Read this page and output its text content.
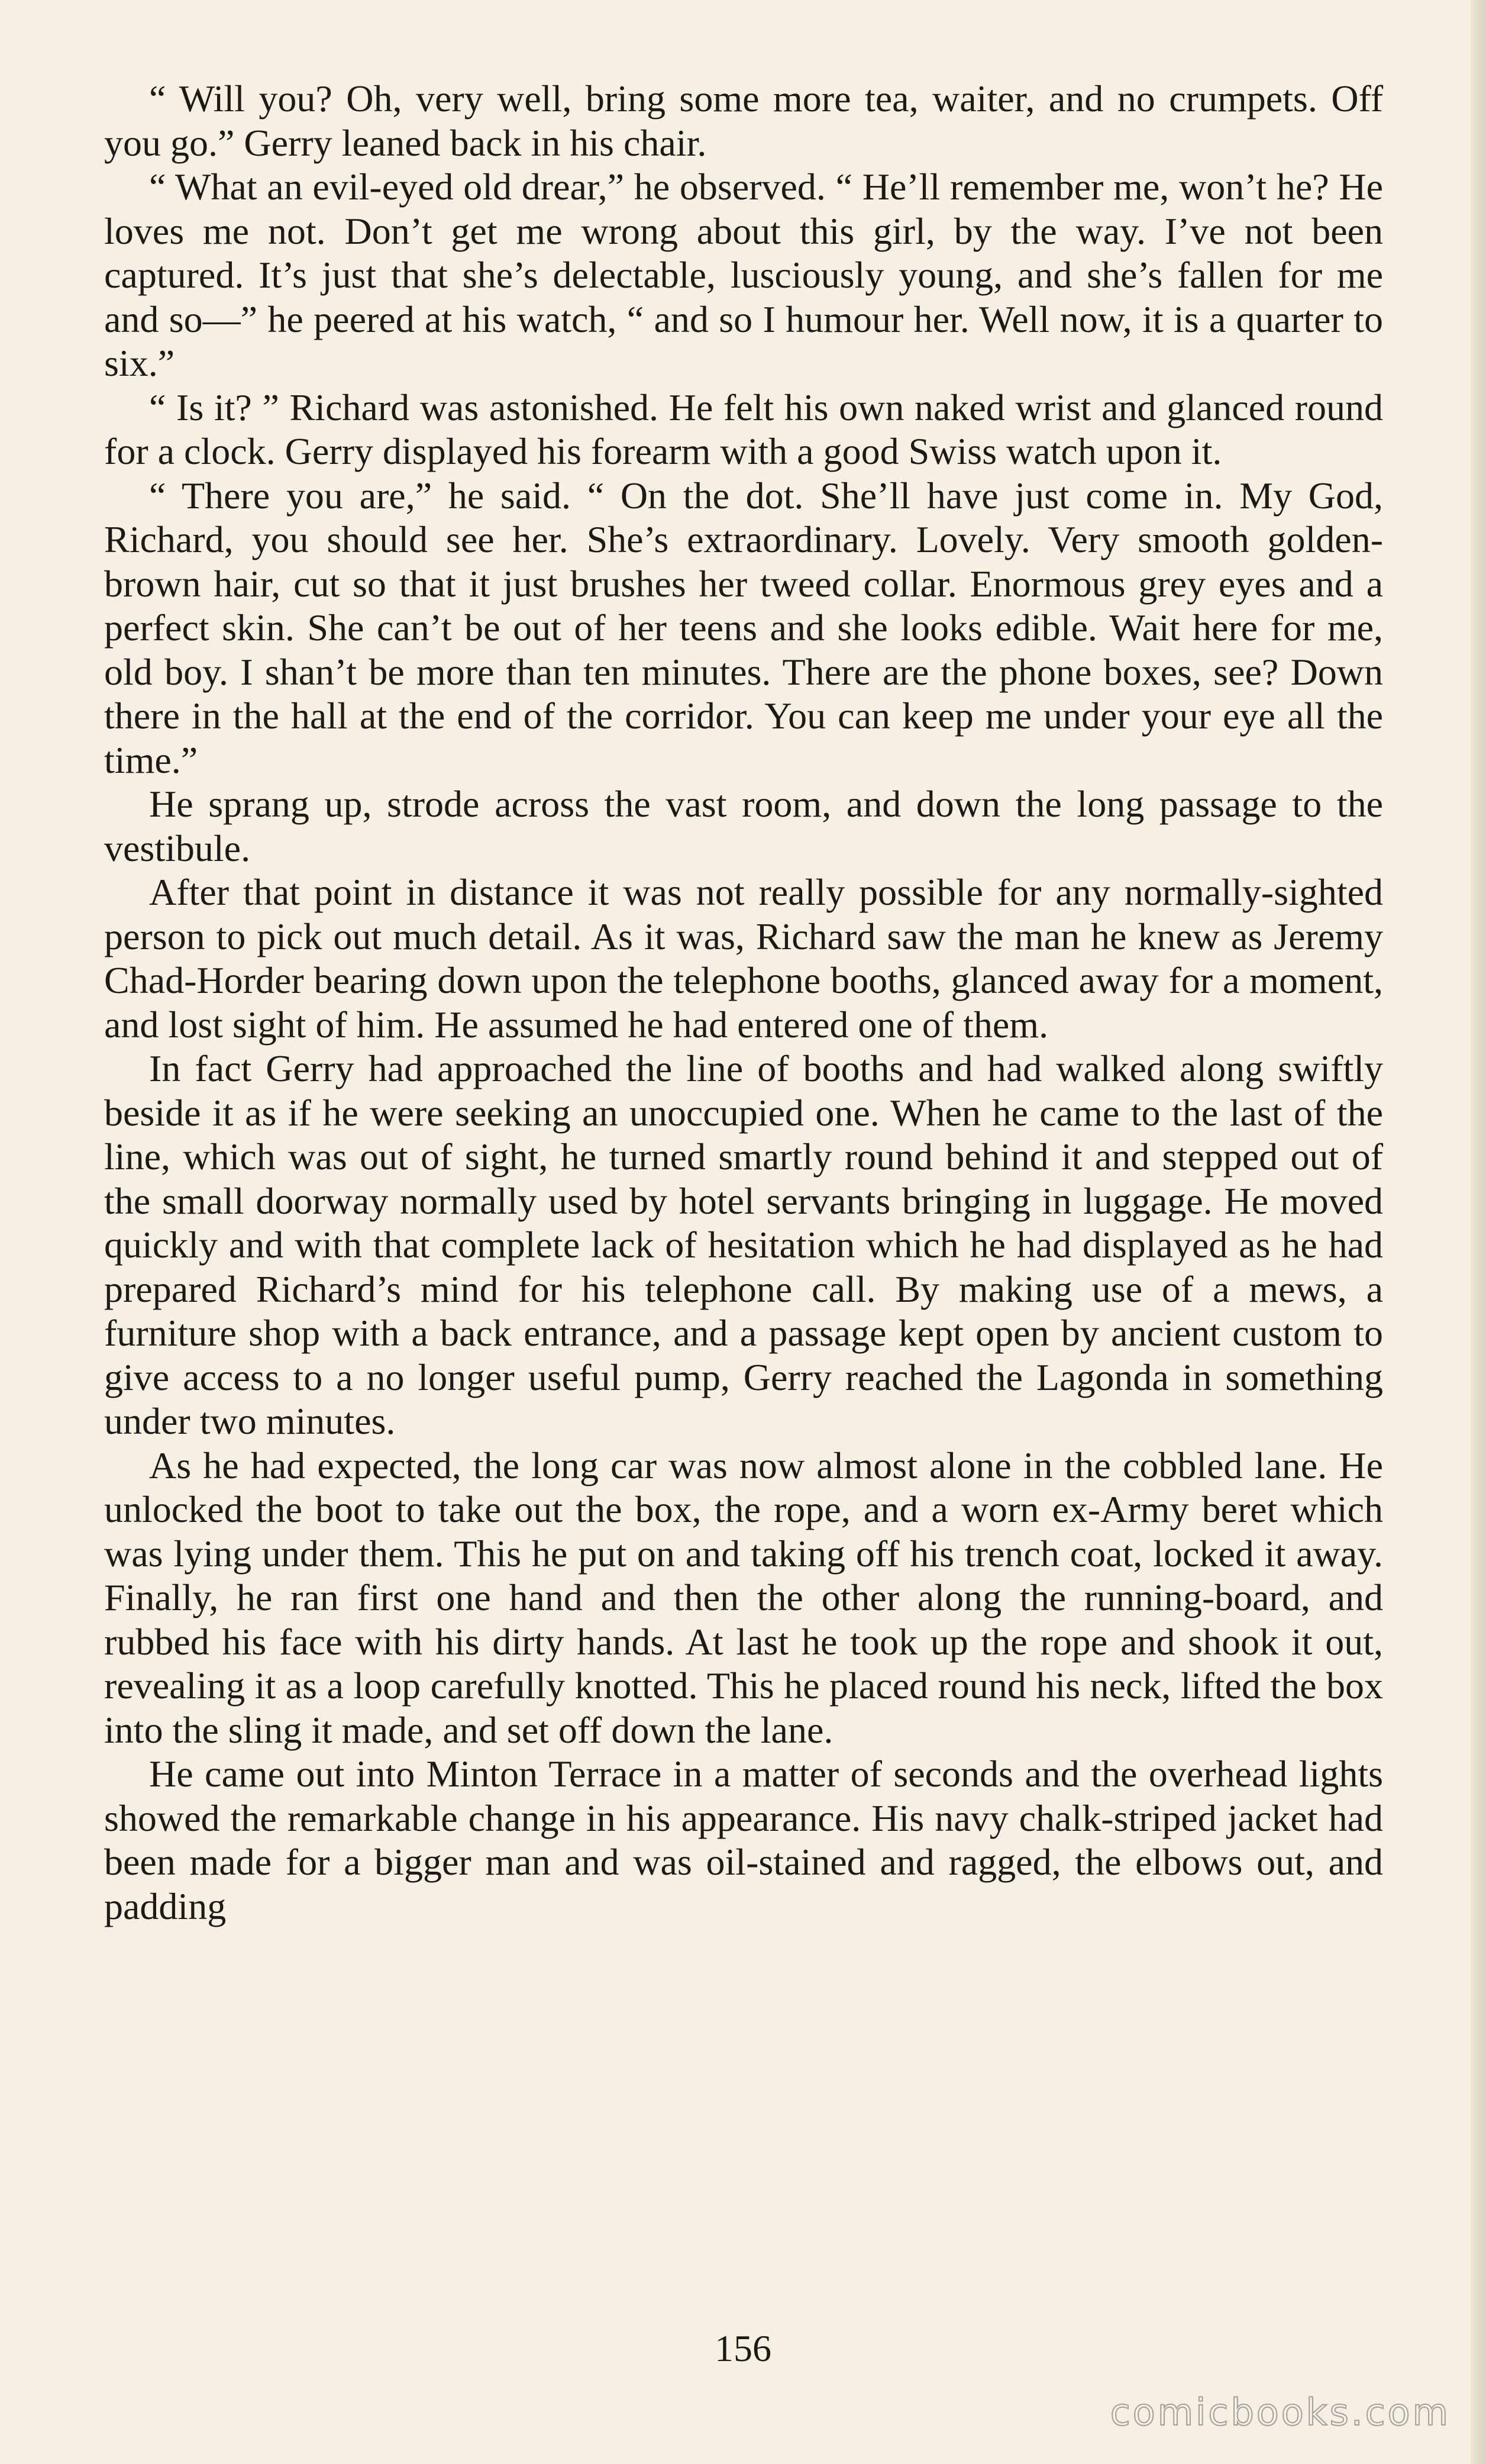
“ Will you? Oh, very well, bring some more tea, waiter, and no crumpets. Off you go.” Gerry leaned back in his chair.

“ What an evil-eyed old drear,” he observed. “ He’ll remember me, won’t he? He loves me not. Don’t get me wrong about this girl, by the way. I’ve not been captured. It’s just that she’s delectable, lusciously young, and she’s fallen for me and so—” he peered at his watch, “ and so I humour her. Well now, it is a quarter to six.”

“ Is it? ” Richard was astonished. He felt his own naked wrist and glanced round for a clock. Gerry displayed his forearm with a good Swiss watch upon it.

“ There you are,” he said. “ On the dot. She’ll have just come in. My God, Richard, you should see her. She’s extraordinary. Lovely. Very smooth golden-brown hair, cut so that it just brushes her tweed collar. Enormous grey eyes and a perfect skin. She can’t be out of her teens and she looks edible. Wait here for me, old boy. I shan’t be more than ten minutes. There are the phone boxes, see? Down there in the hall at the end of the corridor. You can keep me under your eye all the time.”

He sprang up, strode across the vast room, and down the long passage to the vestibule.

After that point in distance it was not really possible for any normally-sighted person to pick out much detail. As it was, Richard saw the man he knew as Jeremy Chad-Horder bearing down upon the telephone booths, glanced away for a moment, and lost sight of him. He assumed he had entered one of them.

In fact Gerry had approached the line of booths and had walked along swiftly beside it as if he were seeking an unoccupied one. When he came to the last of the line, which was out of sight, he turned smartly round behind it and stepped out of the small doorway normally used by hotel servants bringing in luggage. He moved quickly and with that complete lack of hesitation which he had displayed as he had prepared Richard’s mind for his telephone call. By making use of a mews, a furniture shop with a back entrance, and a passage kept open by ancient custom to give access to a no longer useful pump, Gerry reached the Lagonda in something under two minutes.

As he had expected, the long car was now almost alone in the cobbled lane. He unlocked the boot to take out the box, the rope, and a worn ex-Army beret which was lying under them. This he put on and taking off his trench coat, locked it away. Finally, he ran first one hand and then the other along the running-board, and rubbed his face with his dirty hands. At last he took up the rope and shook it out, revealing it as a loop carefully knotted. This he placed round his neck, lifted the box into the sling it made, and set off down the lane.

He came out into Minton Terrace in a matter of seconds and the overhead lights showed the remarkable change in his appearance. His navy chalk-striped jacket had been made for a bigger man and was oil-stained and ragged, the elbows out, and padding

156
comicbooks.com
